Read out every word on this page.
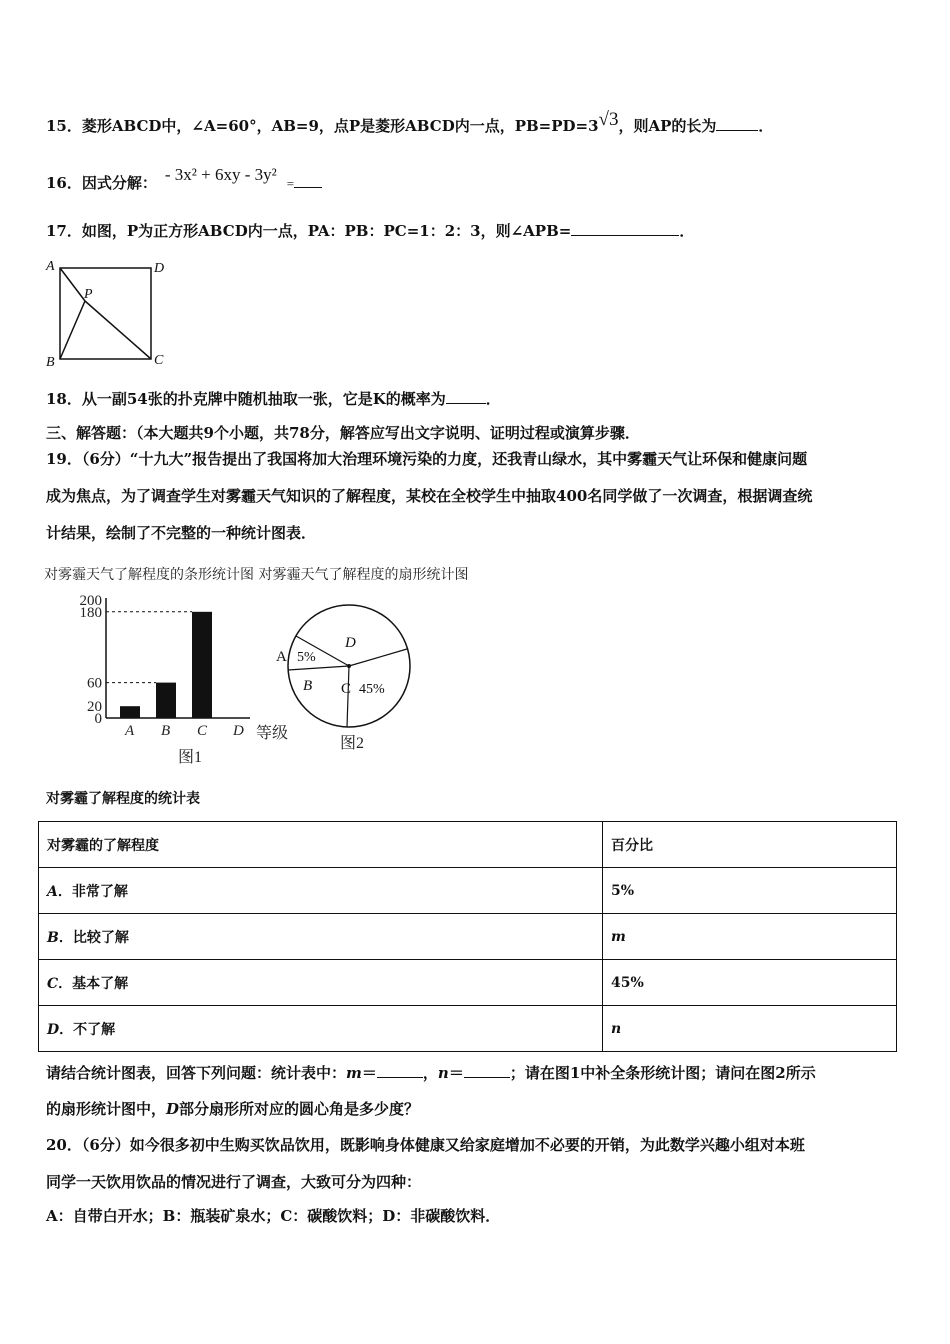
15．菱形ABCD中，∠A=60°，AB=9，点P是菱形ABCD内一点，PB=PD=3√3，则AP的长为	．
16．因式分解： - 3x² + 6xy - 3y² =
17．如图，P为正方形ABCD内一点，PA：PB：PC=1：2：3，则∠APB=	．
A	D
P
B	C
18．从一副54张的扑克牌中随机抽取一张，它是K的概率为	．
三、解答题：（本大题共9个小题，共78分，解答应写出文字说明、证明过程或演算步骤．
19．（6分）“十九大”报告提出了我国将加大治理环境污染的力度，还我青山绿水，其中雾霾天气让环保和健康问题
成为焦点，为了调查学生对雾霾天气知识的了解程度，某校在全校学生中抽取400名同学做了一次调查，根据调查统
计结果，绘制了不完整的一种统计图表．
对雾霾天气了解程度的条形统计图 对雾霾天气了解程度的扇形统计图
0
20
60
180
200
A B C D 等级
图1
A 5%
B C 45%
D
图2
对雾霾了解程度的统计表
对雾霾的了解程度	百分比
A．非常了解	5%
B．比较了解	m
C．基本了解	45%
D．不了解	n
请结合统计图表，回答下列问题：统计表中：m＝	，n＝	；请在图1中补全条形统计图；请问在图2所示
的扇形统计图中，D部分扇形所对应的圆心角是多少度？
20．（6分）如今很多初中生购买饮品饮用，既影响身体健康又给家庭增加不必要的开销，为此数学兴趣小组对本班
同学一天饮用饮品的情况进行了调查，大致可分为四种：
A：自带白开水；B：瓶装矿泉水；C：碳酸饮料；D：非碳酸饮料．
